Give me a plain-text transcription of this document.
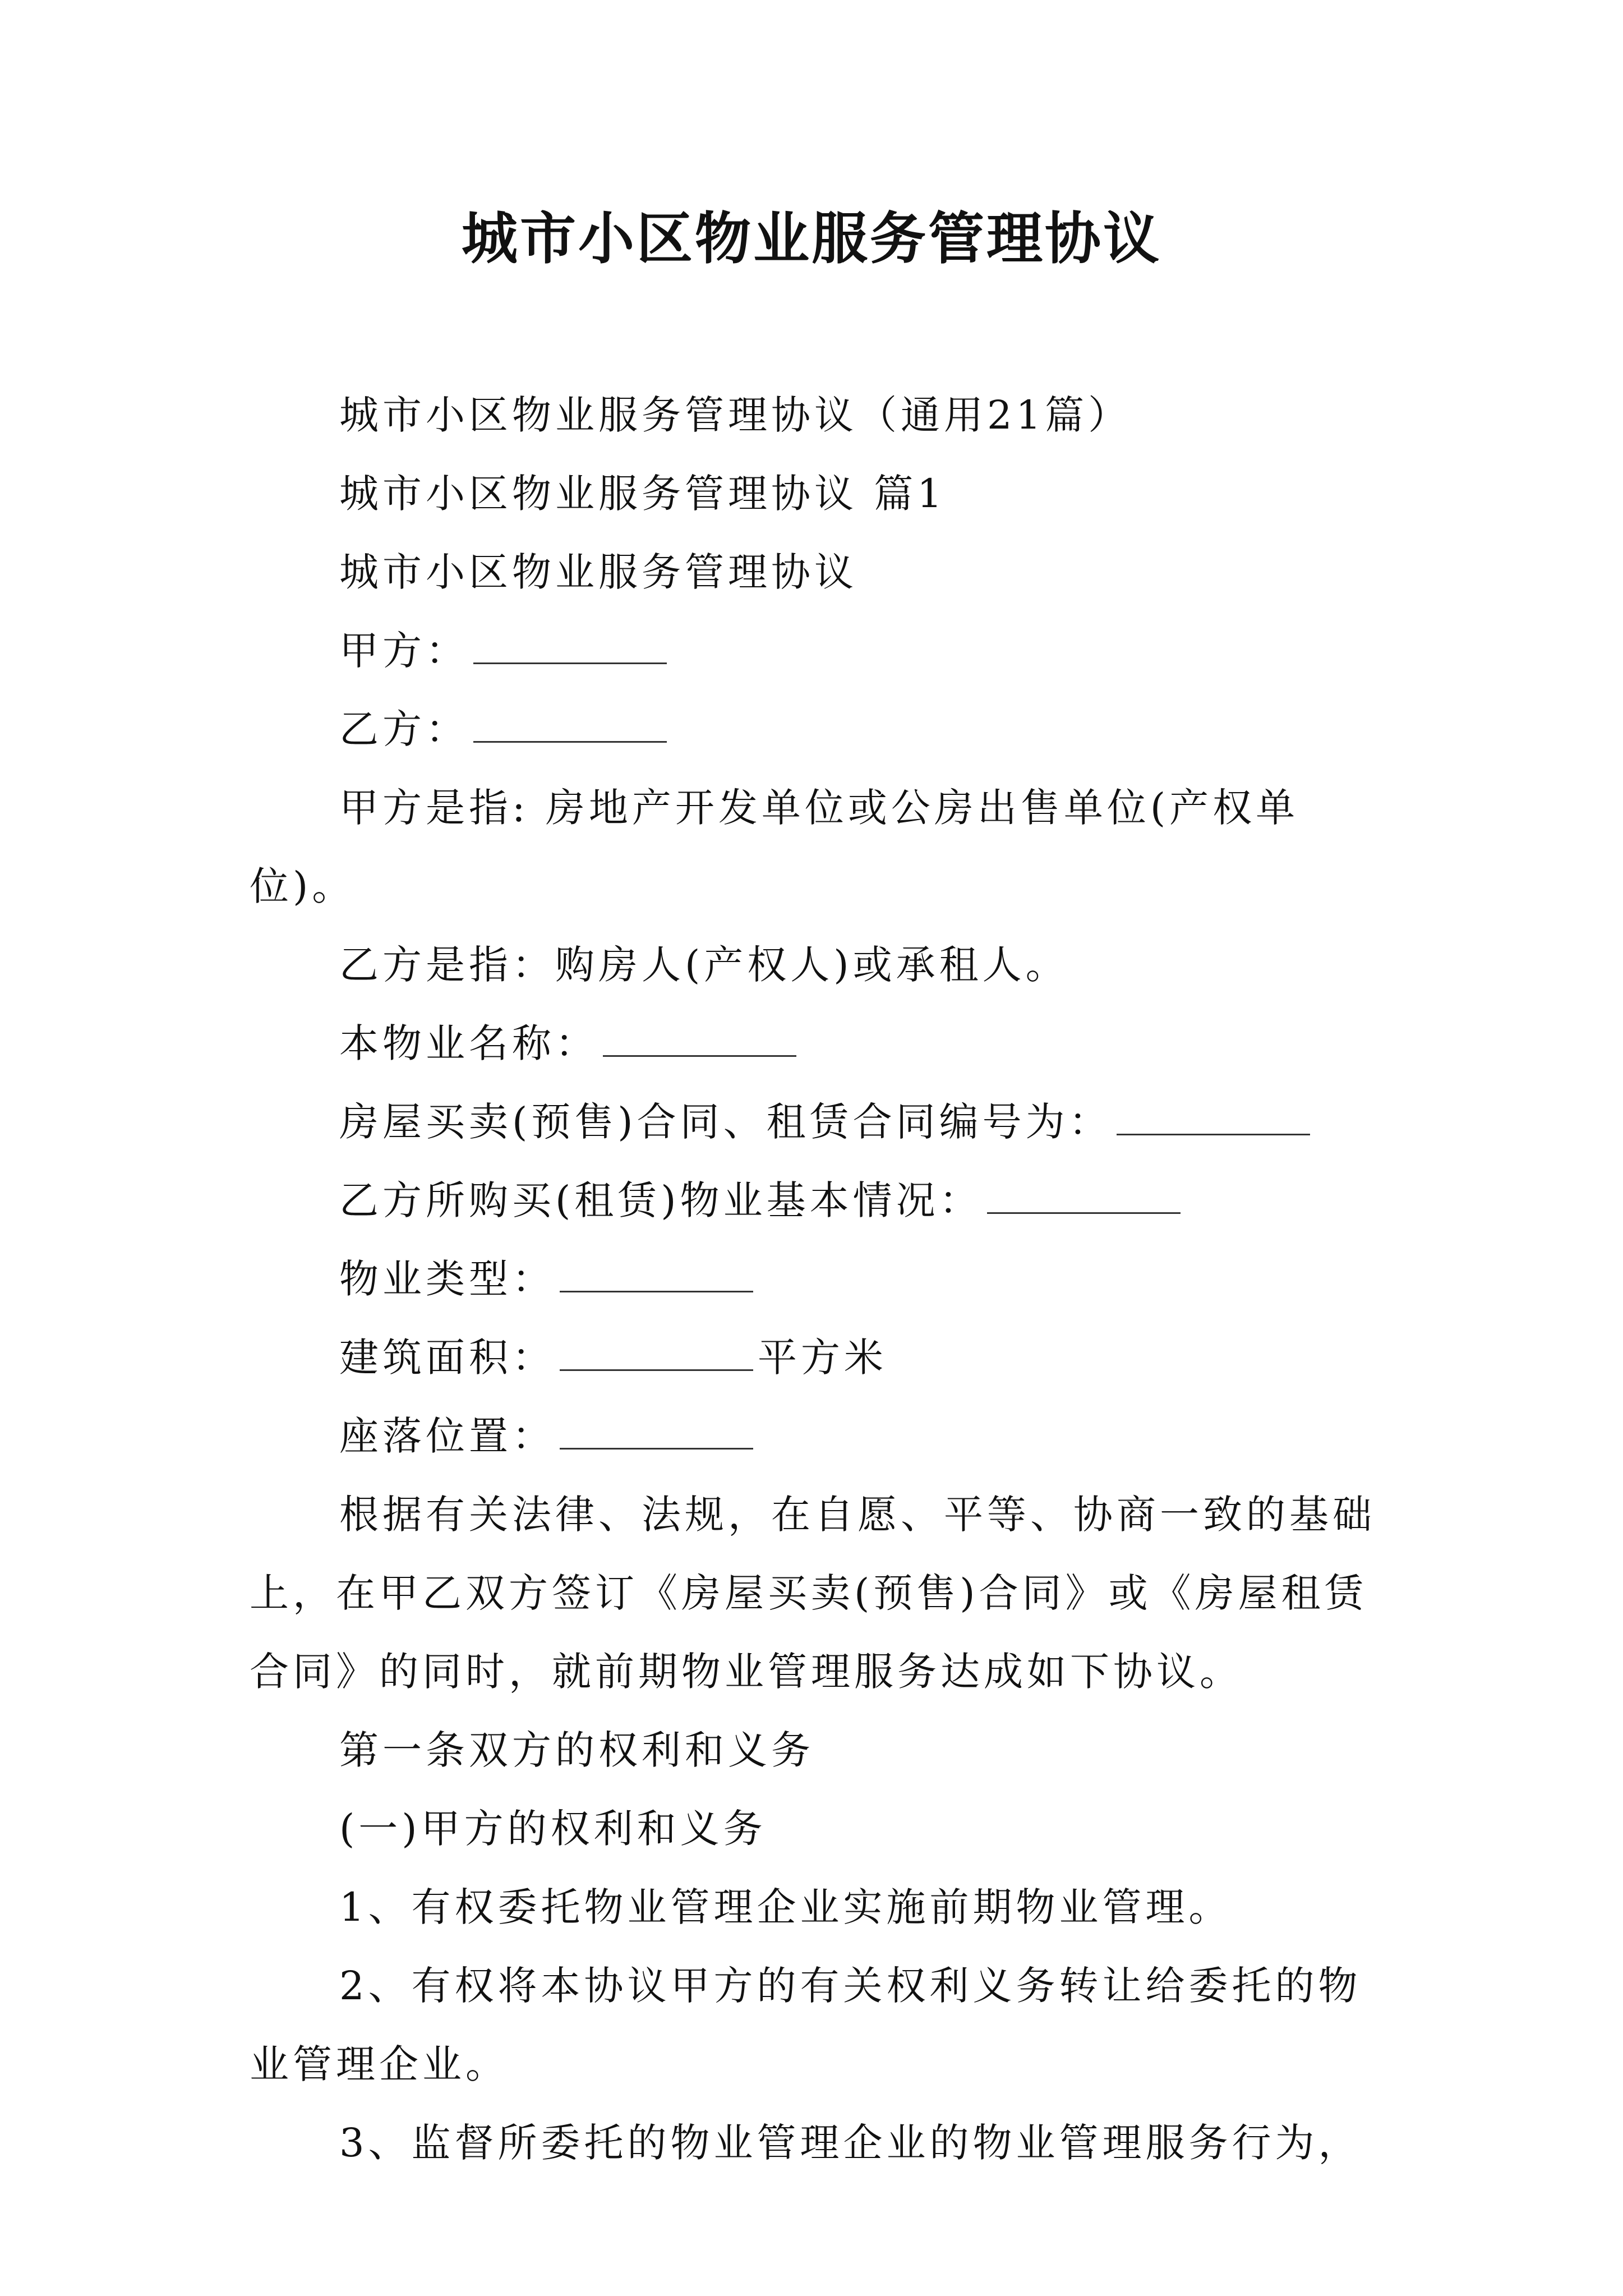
城市小区物业服务管理协议

城市小区物业服务管理协议（通用21篇）

城市小区物业服务管理协议 篇1

城市小区物业服务管理协议

甲方：

乙方：

甲方是指: 房地产开发单位或公房出售单位(产权单位)。

乙方是指：购房人(产权人)或承租人。

本物业名称：

房屋买卖(预售)合同、租赁合同编号为：

乙方所购买(租赁)物业基本情况：

物业类型：

建筑面积：	平方米

座落位置：

根据有关法律、法规，在自愿、平等、协商一致的基础上，在甲乙双方签订《房屋买卖(预售)合同》或《房屋租赁合同》的同时，就前期物业管理服务达成如下协议。

第一条双方的权利和义务

(一)甲方的权利和义务

1、有权委托物业管理企业实施前期物业管理。

2、有权将本协议甲方的有关权利义务转让给委托的物业管理企业。

3、监督所委托的物业管理企业的物业管理服务行为，
